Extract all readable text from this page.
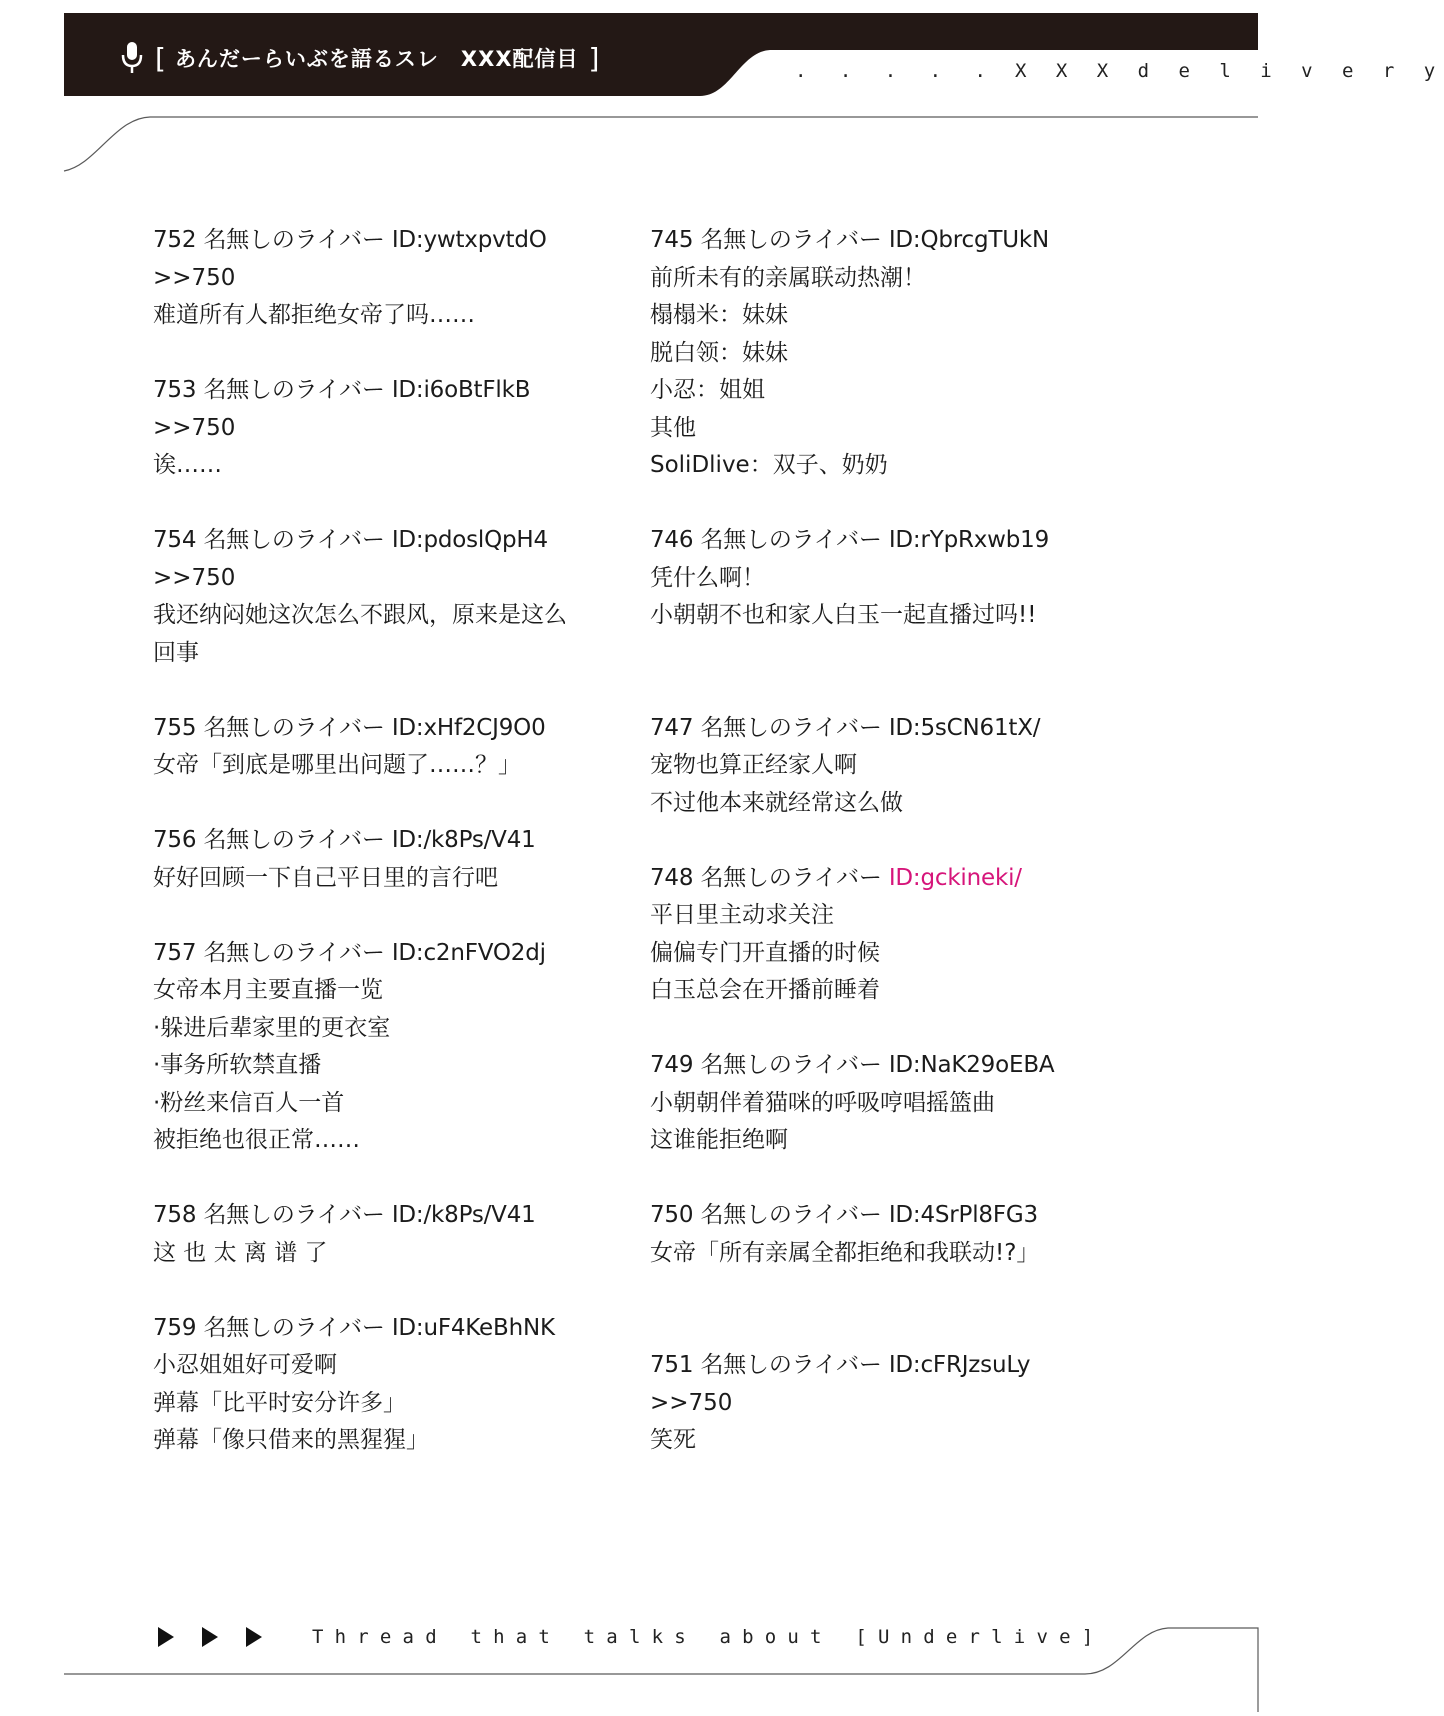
[ あんだーらいぶを語るスレ　XXX配信目 ]	. . . . . X X X d e l i v e r y
752 名無しのライバー ID:ywtxpvtdO
>>750
难道所有人都拒绝女帝了吗……
753 名無しのライバー ID:i6oBtFlkB
>>750
诶……
754 名無しのライバー ID:pdoslQpH4
>>750
我还纳闷她这次怎么不跟风，原来是这么
回事
755 名無しのライバー ID:xHf2CJ9O0
女帝「到底是哪里出问题了……？」
756 名無しのライバー ID:/k8Ps/V41
好好回顾一下自己平日里的言行吧
757 名無しのライバー ID:c2nFVO2dj
女帝本月主要直播一览
·躲进后辈家里的更衣室
·事务所软禁直播
·粉丝来信百人一首
被拒绝也很正常……
758 名無しのライバー ID:/k8Ps/V41
这 也 太 离 谱 了
759 名無しのライバー ID:uF4KeBhNK
小忍姐姐好可爱啊
弹幕「比平时安分许多」
弹幕「像只借来的黑猩猩」
745 名無しのライバー ID:QbrcgTUkN
前所未有的亲属联动热潮！
榻榻米：妹妹
脱白领：妹妹
小忍：姐姐
其他
SoliDlive：双子、奶奶
746 名無しのライバー ID:rYpRxwb19
凭什么啊！
小朝朝不也和家人白玉一起直播过吗!!
747 名無しのライバー ID:5sCN61tX/
宠物也算正经家人啊
不过他本来就经常这么做
748 名無しのライバー ID:gckineki/
平日里主动求关注
偏偏专门开直播的时候
白玉总会在开播前睡着
749 名無しのライバー ID:NaK29oEBA
小朝朝伴着猫咪的呼吸哼唱摇篮曲
这谁能拒绝啊
750 名無しのライバー ID:4SrPl8FG3
女帝「所有亲属全都拒绝和我联动!?」
751 名無しのライバー ID:cFRJzsuLy
>>750
笑死
Thread that talks about [Underlive]
